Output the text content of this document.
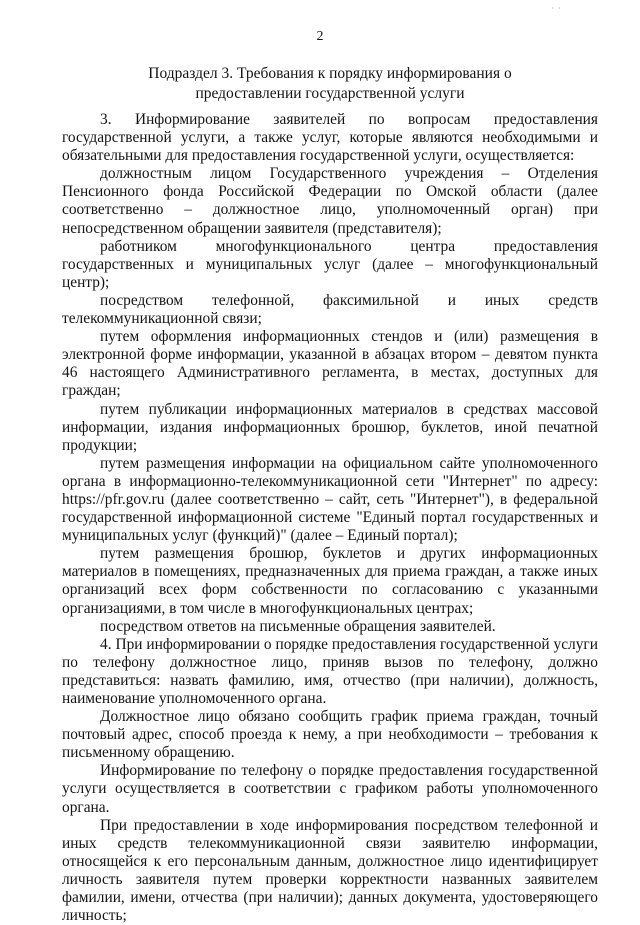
· ·
2
Подраздел 3. Требования к порядку информирования о
предоставлении государственной услуги

3. Информирование заявителей по вопросам предоставления государственной услуги, а также услуг, которые являются необходимыми и обязательными для предоставления государственной услуги, осуществляется:

должностным лицом Государственного учреждения – Отделения Пенсионного фонда Российской Федерации по Омской области (далее соответственно – должностное лицо, уполномоченный орган) при непосредственном обращении заявителя (представителя);

работником многофункционального центра предоставления государственных и муниципальных услуг (далее – многофункциональный центр);

посредством телефонной, факсимильной и иных средств телекоммуникационной связи;

путем оформления информационных стендов и (или) размещения в электронной форме информации, указанной в абзацах втором – девятом пункта 46 настоящего Административного регламента, в местах, доступных для граждан;

путем публикации информационных материалов в средствах массовой информации, издания информационных брошюр, буклетов, иной печатной продукции;

путем размещения информации на официальном сайте уполномоченного органа в информационно-телекоммуникационной сети "Интернет" по адресу: https://pfr.gov.ru (далее соответственно – сайт, сеть "Интернет"), в федеральной государственной информационной системе "Единый портал государственных и муниципальных услуг (функций)" (далее – Единый портал);

путем размещения брошюр, буклетов и других информационных материалов в помещениях, предназначенных для приема граждан, а также иных организаций всех форм собственности по согласованию с указанными организациями, в том числе в многофункциональных центрах;

посредством ответов на письменные обращения заявителей.

4. При информировании о порядке предоставления государственной услуги по телефону должностное лицо, приняв вызов по телефону, должно представиться: назвать фамилию, имя, отчество (при наличии), должность, наименование уполномоченного органа.

Должностное лицо обязано сообщить график приема граждан, точный почтовый адрес, способ проезда к нему, а при необходимости – требования к письменному обращению.

Информирование по телефону о порядке предоставления государственной услуги осуществляется в соответствии с графиком работы уполномоченного органа.

При предоставлении в ходе информирования посредством телефонной и иных средств телекоммуникационной связи заявителю информации, относящейся к его персональным данным, должностное лицо идентифицирует личность заявителя путем проверки корректности названных заявителем фамилии, имени, отчества (при наличии); данных документа, удостоверяющего личность;
